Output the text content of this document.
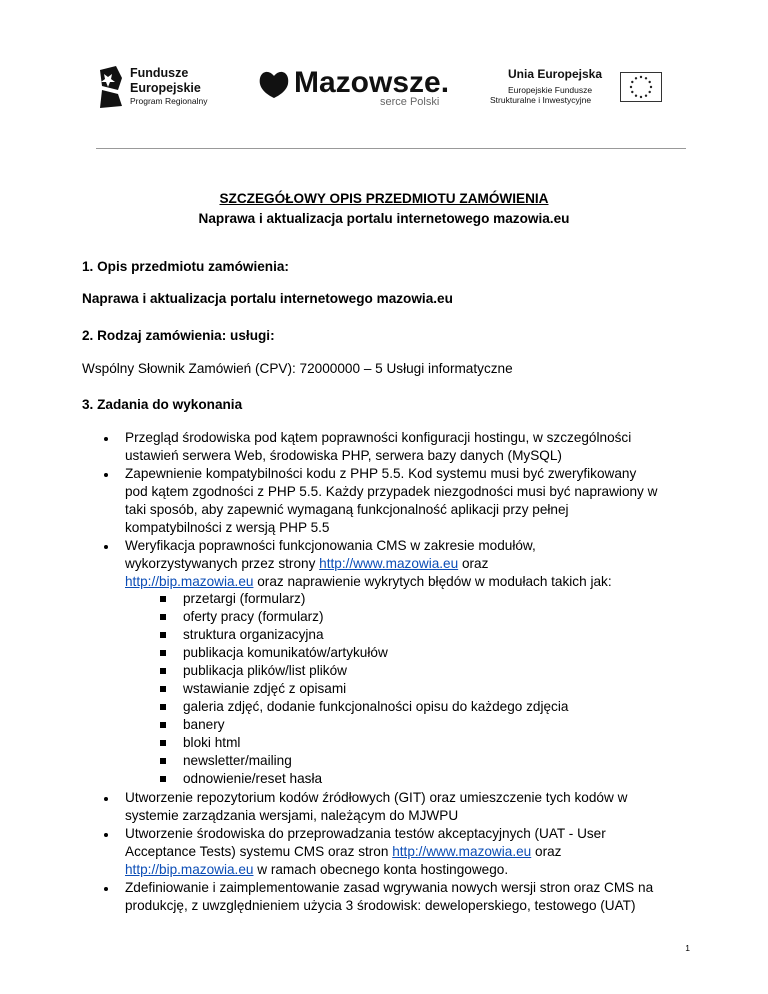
Fundusze
Europejskie
Program Regionalny
Mazowsze.
serce Polski
Unia Europejska
Europejskie Fundusze
Strukturalne i Inwestycyjne
SZCZEGÓŁOWY OPIS PRZEDMIOTU ZAMÓWIENIA
Naprawa i aktualizacja portalu internetowego mazowia.eu
1. Opis przedmiotu zamówienia:
Naprawa i aktualizacja portalu internetowego mazowia.eu
2. Rodzaj zamówienia: usługi:
Wspólny Słownik Zamówień (CPV): 72000000 – 5 Usługi informatyczne
3. Zadania do wykonania
Przegląd środowiska pod kątem poprawności konfiguracji hostingu, w szczególności
ustawień serwera Web, środowiska PHP, serwera bazy danych (MySQL)
Zapewnienie kompatybilności kodu z PHP 5.5. Kod systemu musi być zweryfikowany
pod kątem zgodności z PHP 5.5. Każdy przypadek niezgodności musi być naprawiony w
taki sposób, aby zapewnić wymaganą funkcjonalność aplikacji przy pełnej
kompatybilności z wersją PHP 5.5
Weryfikacja poprawności funkcjonowania CMS w zakresie modułów,
wykorzystywanych przez strony http://www.mazowia.eu oraz
http://bip.mazowia.eu oraz naprawienie wykrytych błędów w modułach takich jak:
przetargi (formularz)
oferty pracy (formularz)
struktura organizacyjna
publikacja komunikatów/artykułów
publikacja plików/list plików
wstawianie zdjęć z opisami
galeria zdjęć, dodanie funkcjonalności opisu do każdego zdjęcia
banery
bloki html
newsletter/mailing
odnowienie/reset hasła
Utworzenie repozytorium kodów źródłowych (GIT) oraz umieszczenie tych kodów w
systemie zarządzania wersjami, należącym do MJWPU
Utworzenie środowiska do przeprowadzania testów akceptacyjnych (UAT - User
Acceptance Tests) systemu CMS oraz stron http://www.mazowia.eu oraz
http://bip.mazowia.eu w ramach obecnego konta hostingowego.
Zdefiniowanie i zaimplementowanie zasad wgrywania nowych wersji stron oraz CMS na
produkcję, z uwzględnieniem użycia 3 środowisk: deweloperskiego, testowego (UAT)
1
